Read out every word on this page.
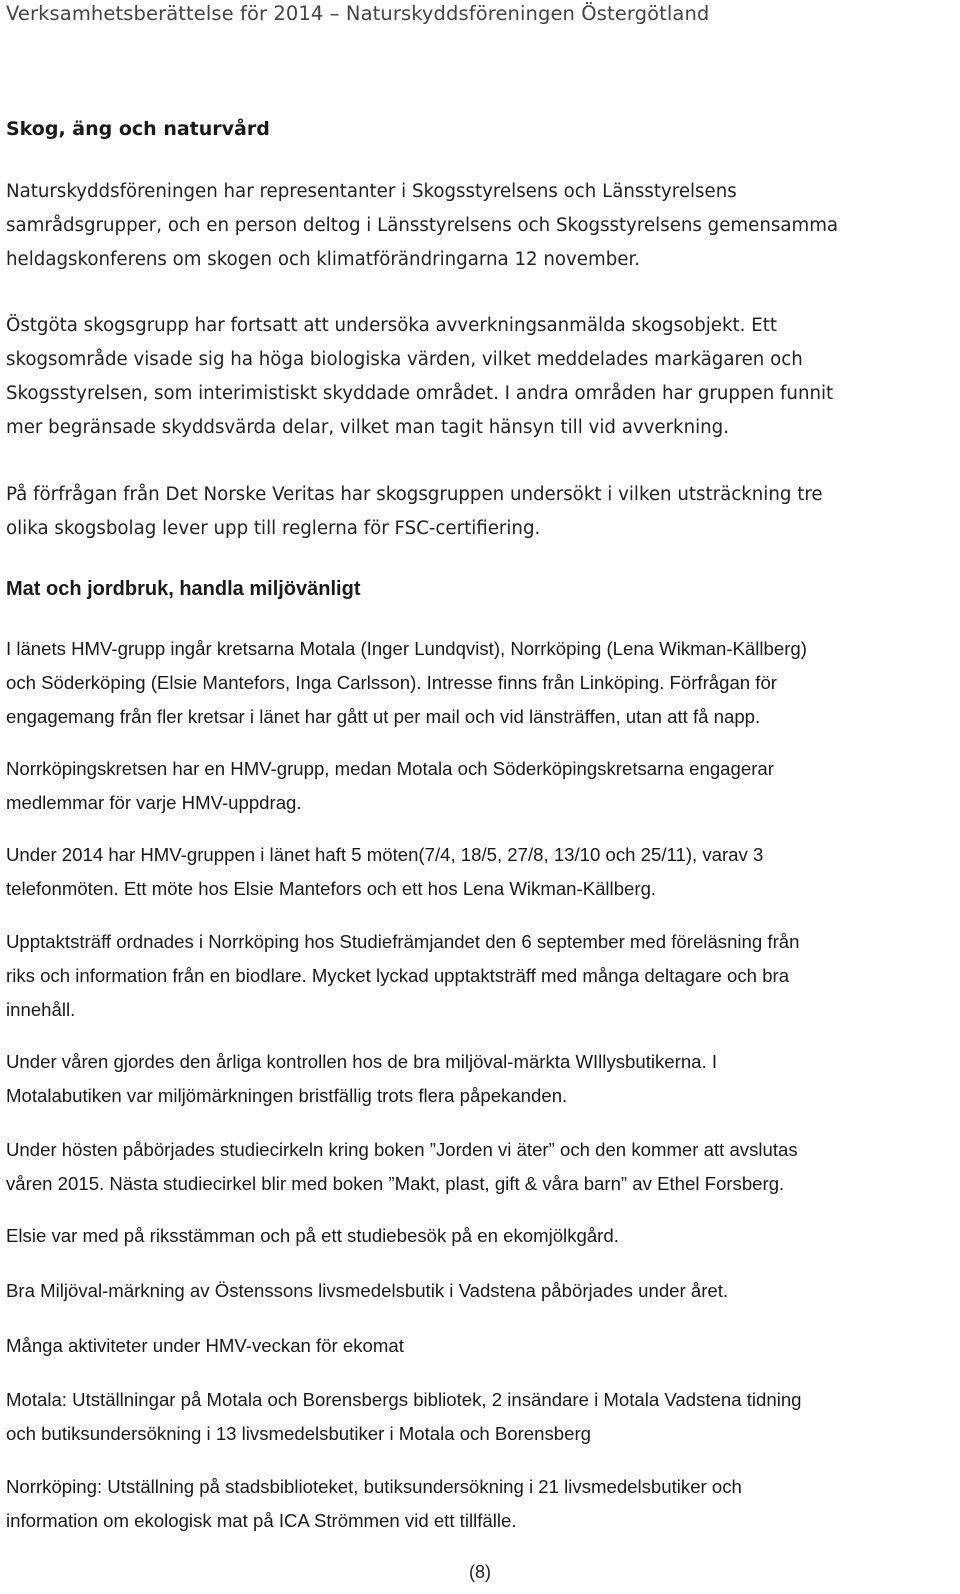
Verksamhetsberättelse för 2014 – Naturskyddsföreningen Östergötland
Skog, äng och naturvård

Naturskyddsföreningen har representanter i Skogsstyrelsens och Länsstyrelsens
samrådsgrupper, och en person deltog i Länsstyrelsens och Skogsstyrelsens gemensamma
heldagskonferens om skogen och klimatförändringarna 12 november.

Östgöta skogsgrupp har fortsatt att undersöka avverkningsanmälda skogsobjekt. Ett
skogsområde visade sig ha höga biologiska värden, vilket meddelades markägaren och
Skogsstyrelsen, som interimistiskt skyddade området. I andra områden har gruppen funnit
mer begränsade skyddsvärda delar, vilket man tagit hänsyn till vid avverkning.

På förfrågan från Det Norske Veritas har skogsgruppen undersökt i vilken utsträckning tre
olika skogsbolag lever upp till reglerna för FSC-certifiering.

Mat och jordbruk, handla miljövänligt

I länets HMV-grupp ingår kretsarna Motala (Inger Lundqvist), Norrköping (Lena Wikman-Källberg)
och Söderköping (Elsie Mantefors, Inga Carlsson). Intresse finns från Linköping. Förfrågan för
engagemang från fler kretsar i länet har gått ut per mail och vid länsträffen, utan att få napp.

Norrköpingskretsen har en HMV-grupp, medan Motala och Söderköpingskretsarna engagerar
medlemmar för varje HMV-uppdrag.

Under 2014 har HMV-gruppen i länet haft 5 möten(7/4, 18/5, 27/8, 13/10 och 25/11), varav 3
telefonmöten. Ett möte hos Elsie Mantefors och ett hos Lena Wikman-Källberg.

Upptaktsträff ordnades i Norrköping hos Studiefrämjandet den 6 september med föreläsning från
riks och information från en biodlare. Mycket lyckad upptaktsträff med många deltagare och bra
innehåll.

Under våren gjordes den årliga kontrollen hos de bra miljöval-märkta WIllysbutikerna. I
Motalabutiken var miljömärkningen bristfällig trots flera påpekanden.

Under hösten påbörjades studiecirkeln kring boken ”Jorden vi äter” och den kommer att avslutas
våren 2015. Nästa studiecirkel blir med boken ”Makt, plast, gift & våra barn” av Ethel Forsberg.

Elsie var med på riksstämman och på ett studiebesök på en ekomjölkgård.

Bra Miljöval-märkning av Östenssons livsmedelsbutik i Vadstena påbörjades under året.

Många aktiviteter under HMV-veckan för ekomat

Motala: Utställningar på Motala och Borensbergs bibliotek, 2 insändare i Motala Vadstena tidning
och butiksundersökning i 13 livsmedelsbutiker i Motala och Borensberg

Norrköping: Utställning på stadsbiblioteket, butiksundersökning i 21 livsmedelsbutiker och
information om ekologisk mat på ICA Strömmen vid ett tillfälle.

(8)
